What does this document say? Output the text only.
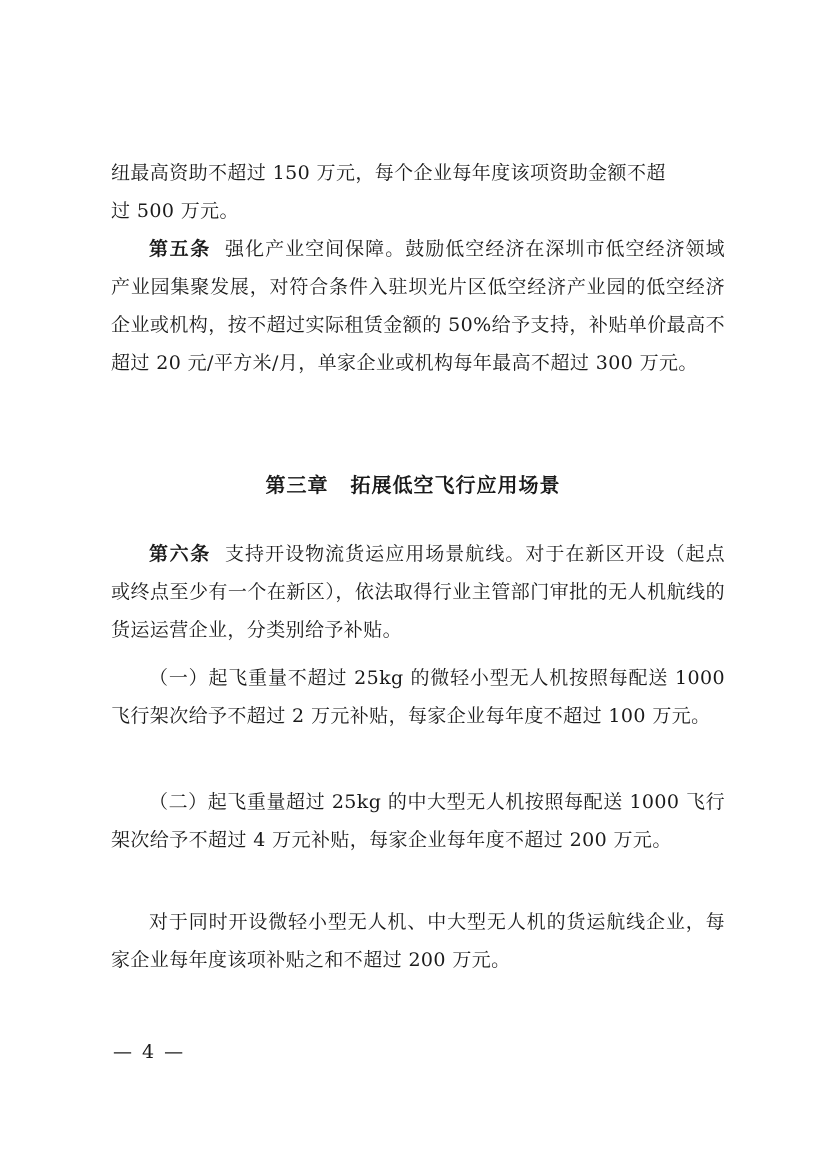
纽最高资助不超过 150 万元，每个企业每年度该项资助金额不超
过 500 万元。

第五条 强化产业空间保障。鼓励低空经济在深圳市低空经济领域产业园集聚发展，对符合条件入驻坝光片区低空经济产业园的低空经济企业或机构，按不超过实际租赁金额的 50%给予支持，补贴单价最高不超过 20 元/平方米/月，单家企业或机构每年最高不超过 300 万元。

第三章 拓展低空飞行应用场景

第六条 支持开设物流货运应用场景航线。对于在新区开设（起点或终点至少有一个在新区），依法取得行业主管部门审批的无人机航线的货运运营企业，分类别给予补贴。

（一）起飞重量不超过 25kg 的微轻小型无人机按照每配送 1000 飞行架次给予不超过 2 万元补贴，每家企业每年度不超过 100 万元。

（二）起飞重量超过 25kg 的中大型无人机按照每配送 1000 飞行架次给予不超过 4 万元补贴，每家企业每年度不超过 200 万元。

对于同时开设微轻小型无人机、中大型无人机的货运航线企业，每家企业每年度该项补贴之和不超过 200 万元。

— 4 —
